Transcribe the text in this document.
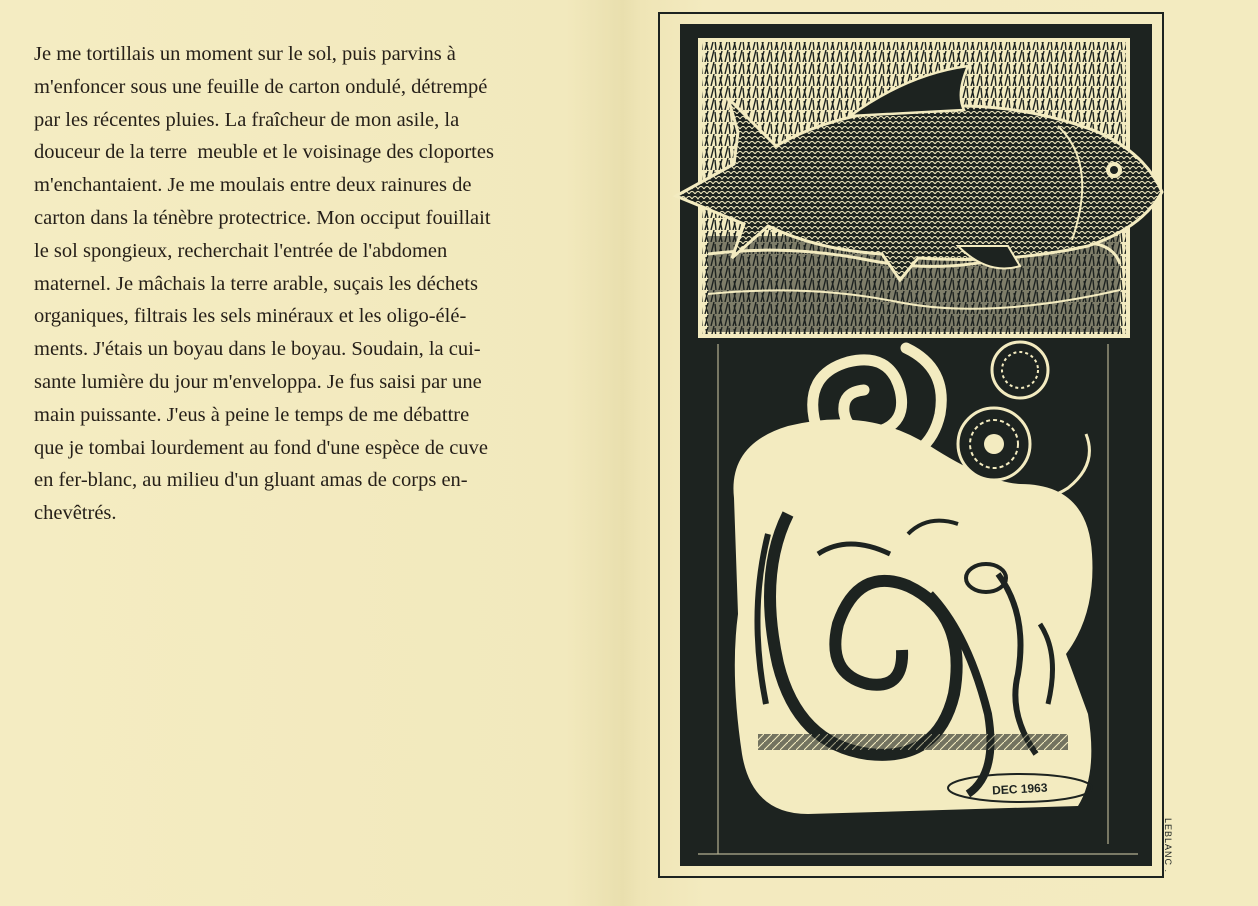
Je me tortillais un moment sur le sol, puis parvins à
m'enfoncer sous une feuille de carton ondulé, détrempé
par les récentes pluies. La fraîcheur de mon asile, la
douceur de la terre  meuble et le voisinage des cloportes
m'enchantaient. Je me moulais entre deux rainures de
carton dans la ténèbre protectrice. Mon occiput fouillait
le sol spongieux, recherchait l'entrée de l'abdomen
maternel. Je mâchais la terre arable, suçais les déchets
organiques, filtrais les sels minéraux et les oligo-élé-
ments. J'étais un boyau dans le boyau. Soudain, la cui-
sante lumière du jour m'enveloppa. Je fus saisi par une
main puissante. J'eus à peine le temps de me débattre
que je tombai lourdement au fond d'une espèce de cuve
en fer-blanc, au milieu d'un gluant amas de corps en-
chevêtrés.
DEC 1963
LEBLANC .
